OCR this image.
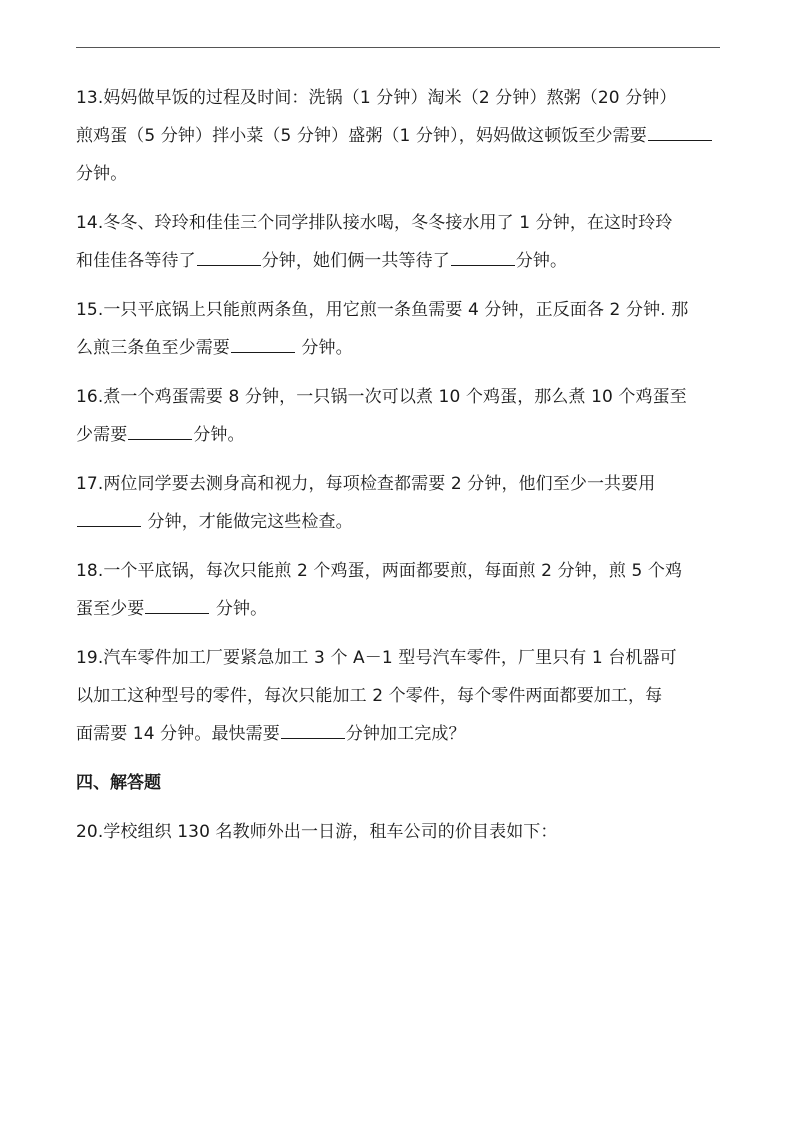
13.妈妈做早饭的过程及时间：洗锅（1 分钟）淘米（2 分钟）熬粥（20 分钟）
煎鸡蛋（5 分钟）拌小菜（5 分钟）盛粥（1 分钟），妈妈做这顿饭至少需要
分钟。
14.冬冬、玲玲和佳佳三个同学排队接水喝，冬冬接水用了 1 分钟，在这时玲玲
和佳佳各等待了	分钟，她们俩一共等待了	分钟。
15.一只平底锅上只能煎两条鱼，用它煎一条鱼需要 4 分钟，正反面各 2 分钟. 那
么煎三条鱼至少需要	分钟。
16.煮一个鸡蛋需要 8 分钟，一只锅一次可以煮 10 个鸡蛋，那么煮 10 个鸡蛋至
少需要	分钟。
17.两位同学要去测身高和视力，每项检查都需要 2 分钟，他们至少一共要用
分钟，才能做完这些检查。
18.一个平底锅，每次只能煎 2 个鸡蛋，两面都要煎，每面煎 2 分钟，煎 5 个鸡
蛋至少要	分钟。
19.汽车零件加工厂要紧急加工 3 个 A－1 型号汽车零件，厂里只有 1 台机器可
以加工这种型号的零件，每次只能加工 2 个零件，每个零件两面都要加工，每
面需要 14 分钟。最快需要	分钟加工完成？
四、解答题
20.学校组织 130 名教师外出一日游，租车公司的价目表如下：
